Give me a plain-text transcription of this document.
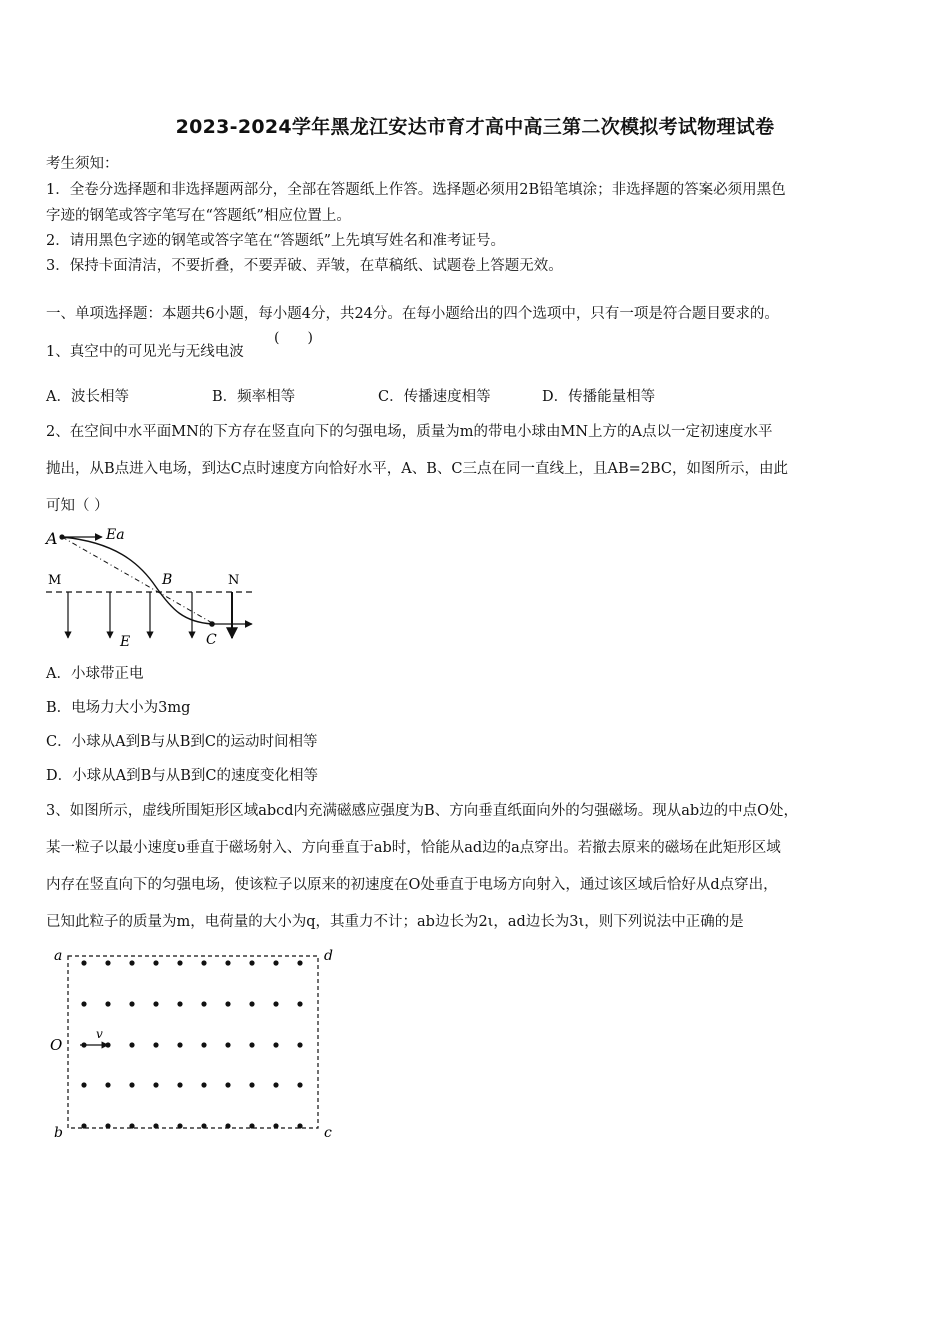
2023-2024学年黑龙江安达市育才高中高三第二次模拟考试物理试卷
考生须知：
1．全卷分选择题和非选择题两部分，全部在答题纸上作答。选择题必须用2B铅笔填涂；非选择题的答案必须用黑色
字迹的钢笔或答字笔写在“答题纸”相应位置上。
2．请用黑色字迹的钢笔或答字笔在“答题纸”上先填写姓名和准考证号。
3．保持卡面清洁，不要折叠，不要弄破、弄皱，在草稿纸、试题卷上答题无效。
一、单项选择题：本题共6小题，每小题4分，共24分。在每小题给出的四个选项中，只有一项是符合题目要求的。
1、真空中的可见光与无线电波
(　　)
A．波长相等	B．频率相等	C．传播速度相等	D．传播能量相等
2、在空间中水平面MN的下方存在竖直向下的匀强电场，质量为m的带电小球由MN上方的A点以一定初速度水平
抛出，从B点进入电场，到达C点时速度方向恰好水平，A、B、C三点在同一直线上，且AB=2BC，如图所示，由此
可知（ ）
A	Ea
M	B	N
E	C
A．小球带正电
B．电场力大小为3mg
C．小球从A到B与从B到C的运动时间相等
D．小球从A到B与从B到C的速度变化相等
3、如图所示，虚线所围矩形区域abcd内充满磁感应强度为B、方向垂直纸面向外的匀强磁场。现从ab边的中点O处，
某一粒子以最小速度υ垂直于磁场射入、方向垂直于ab时，恰能从ad边的a点穿出。若撤去原来的磁场在此矩形区域
内存在竖直向下的匀强电场，使该粒子以原来的初速度在O处垂直于电场方向射入，通过该区域后恰好从d点穿出，
已知此粒子的质量为m，电荷量的大小为q，其重力不计；ab边长为2ι，ad边长为3ι，则下列说法中正确的是
a	d
O
v
b	c
